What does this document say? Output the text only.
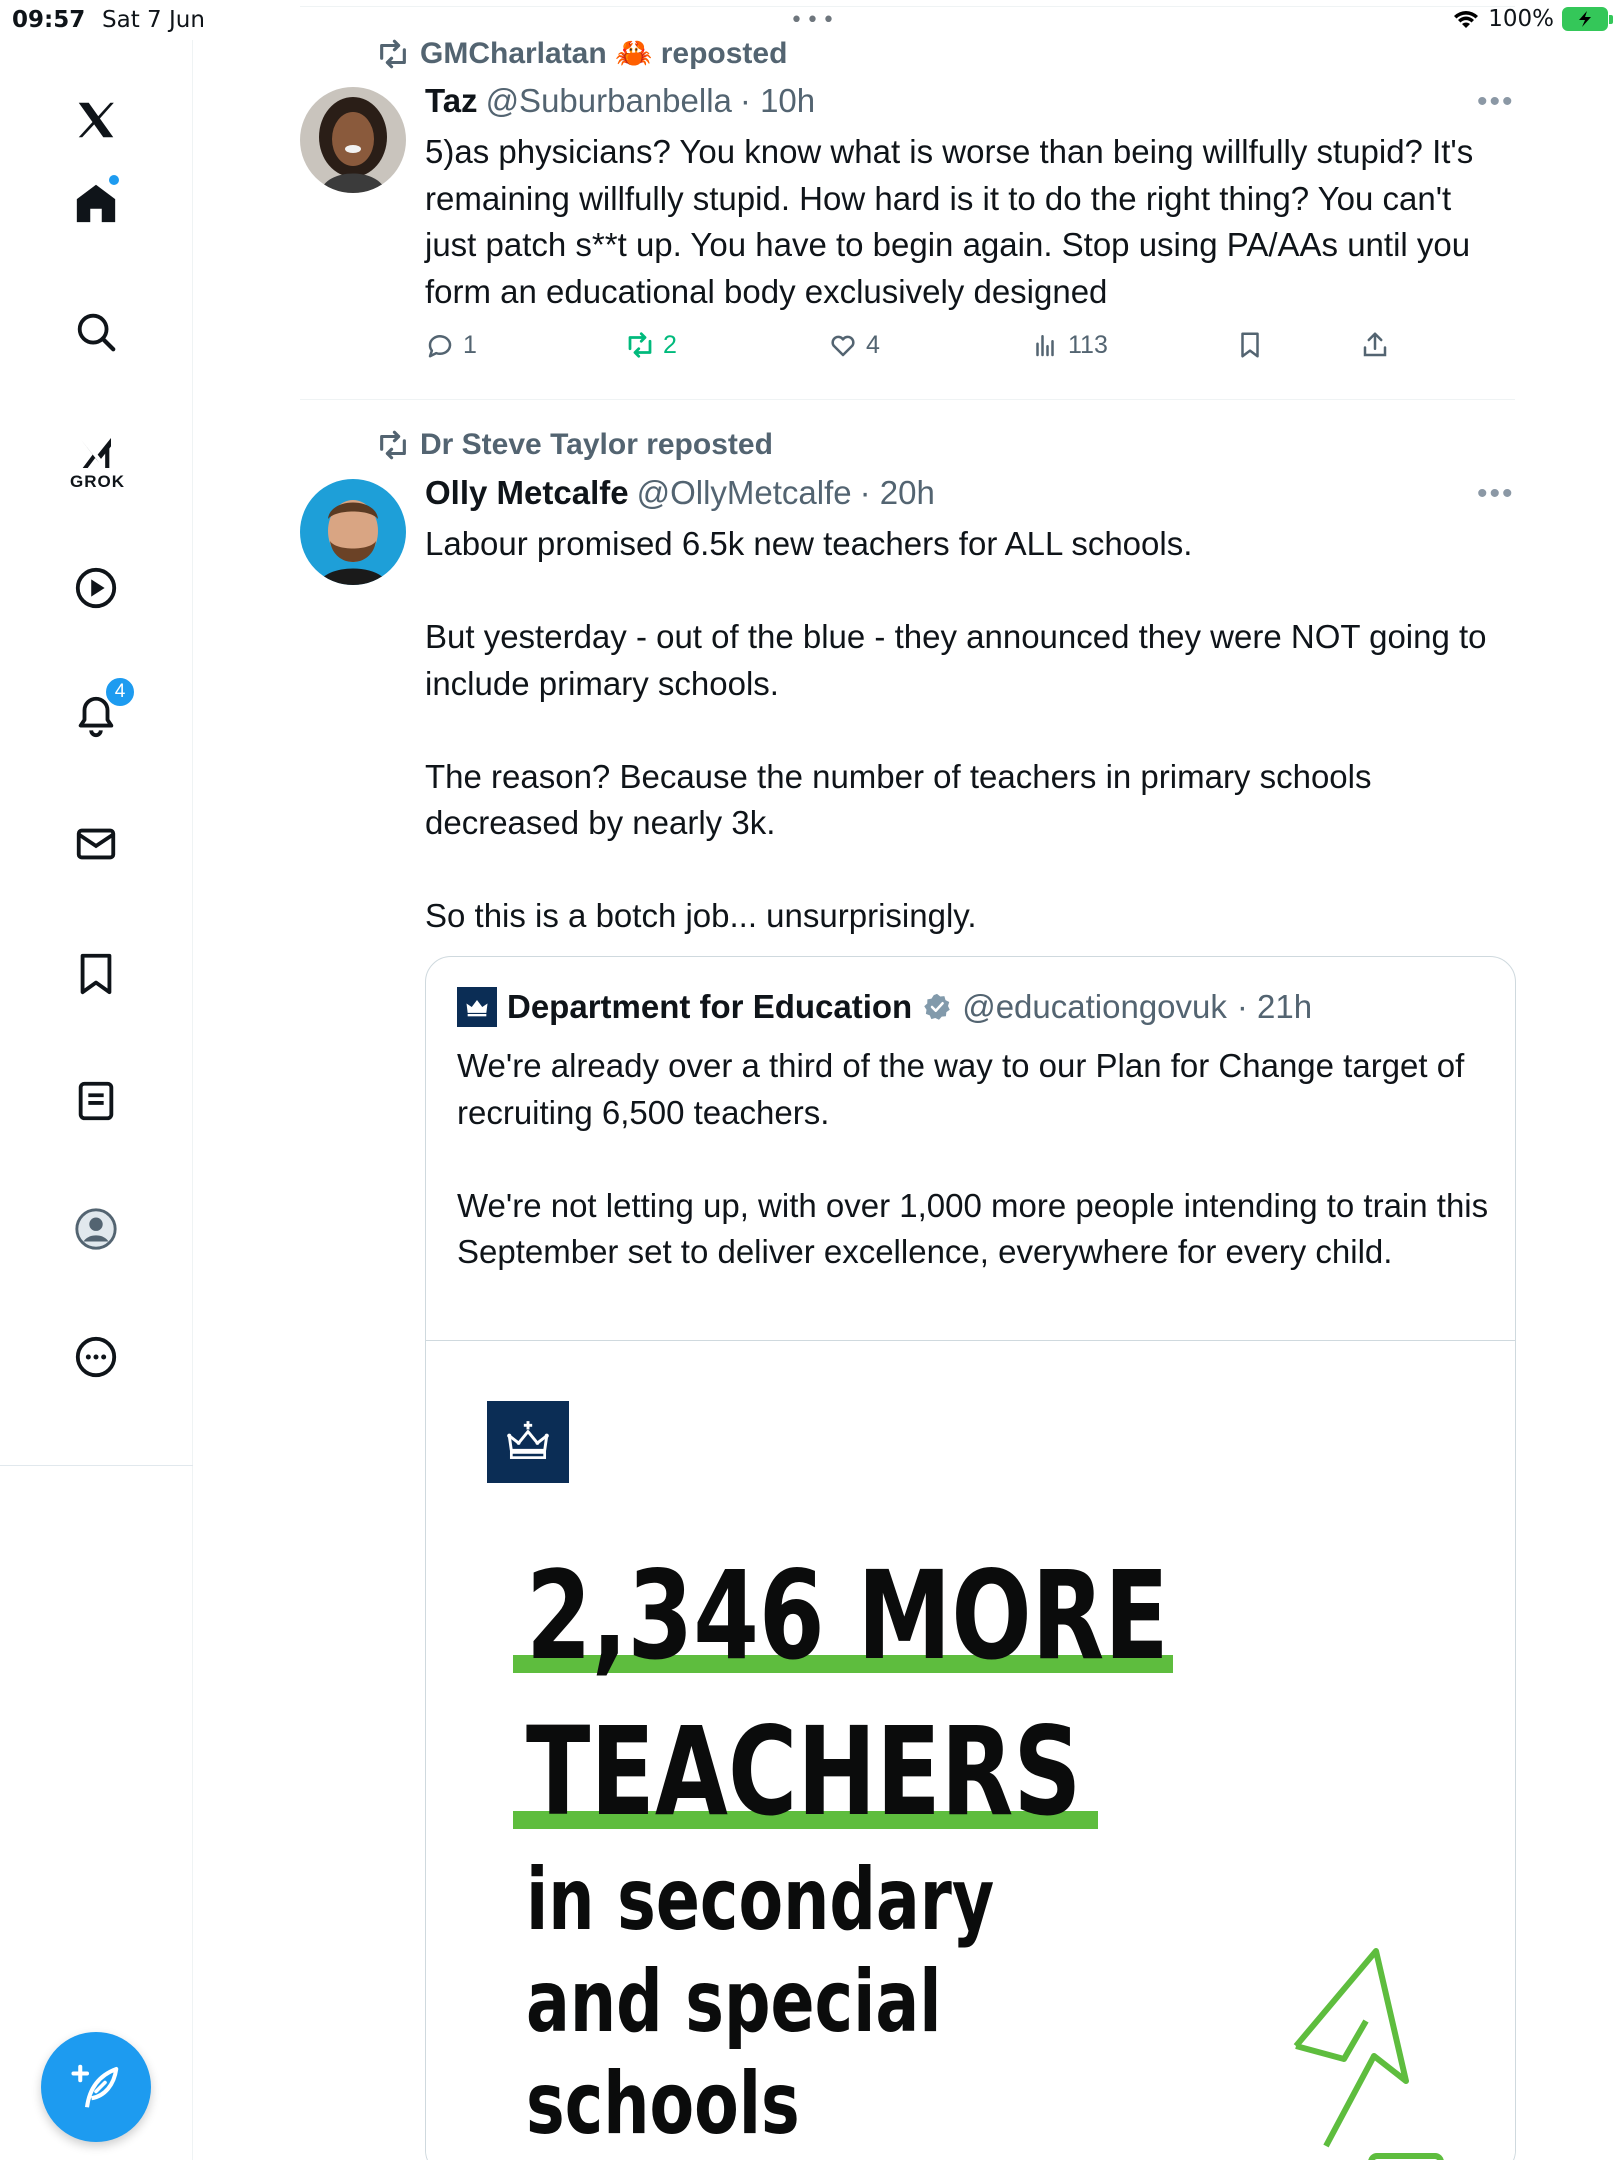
09:57 Sat 7 Jun	•••	100%
GROK
4
GMCharlatan 🦀 reposted
Taz @Suburbanbella · 10h	•••
5)as physicians? You know what is worse than being willfully stupid? It's remaining willfully stupid. How hard is it to do the right thing? You can't just patch s**t up. You have to begin again. Stop using PA/AAs until you form an educational body exclusively designed
1	2	4	113
Dr Steve Taylor reposted
Olly Metcalfe @OllyMetcalfe · 20h	•••
Labour promised 6.5k new teachers for ALL schools.

But yesterday - out of the blue - they announced they were NOT going to include primary schools.

The reason? Because the number of teachers in primary schools decreased by nearly 3k.

So this is a botch job... unsurprisingly.
Department for Education @educationgovuk · 21h
We're already over a third of the way to our Plan for Change target of recruiting 6,500 teachers.

We're not letting up, with over 1,000 more people intending to train this September set to deliver excellence, everywhere for every child.
2,346 MORE
TEACHERS
in secondary
and special
schools
